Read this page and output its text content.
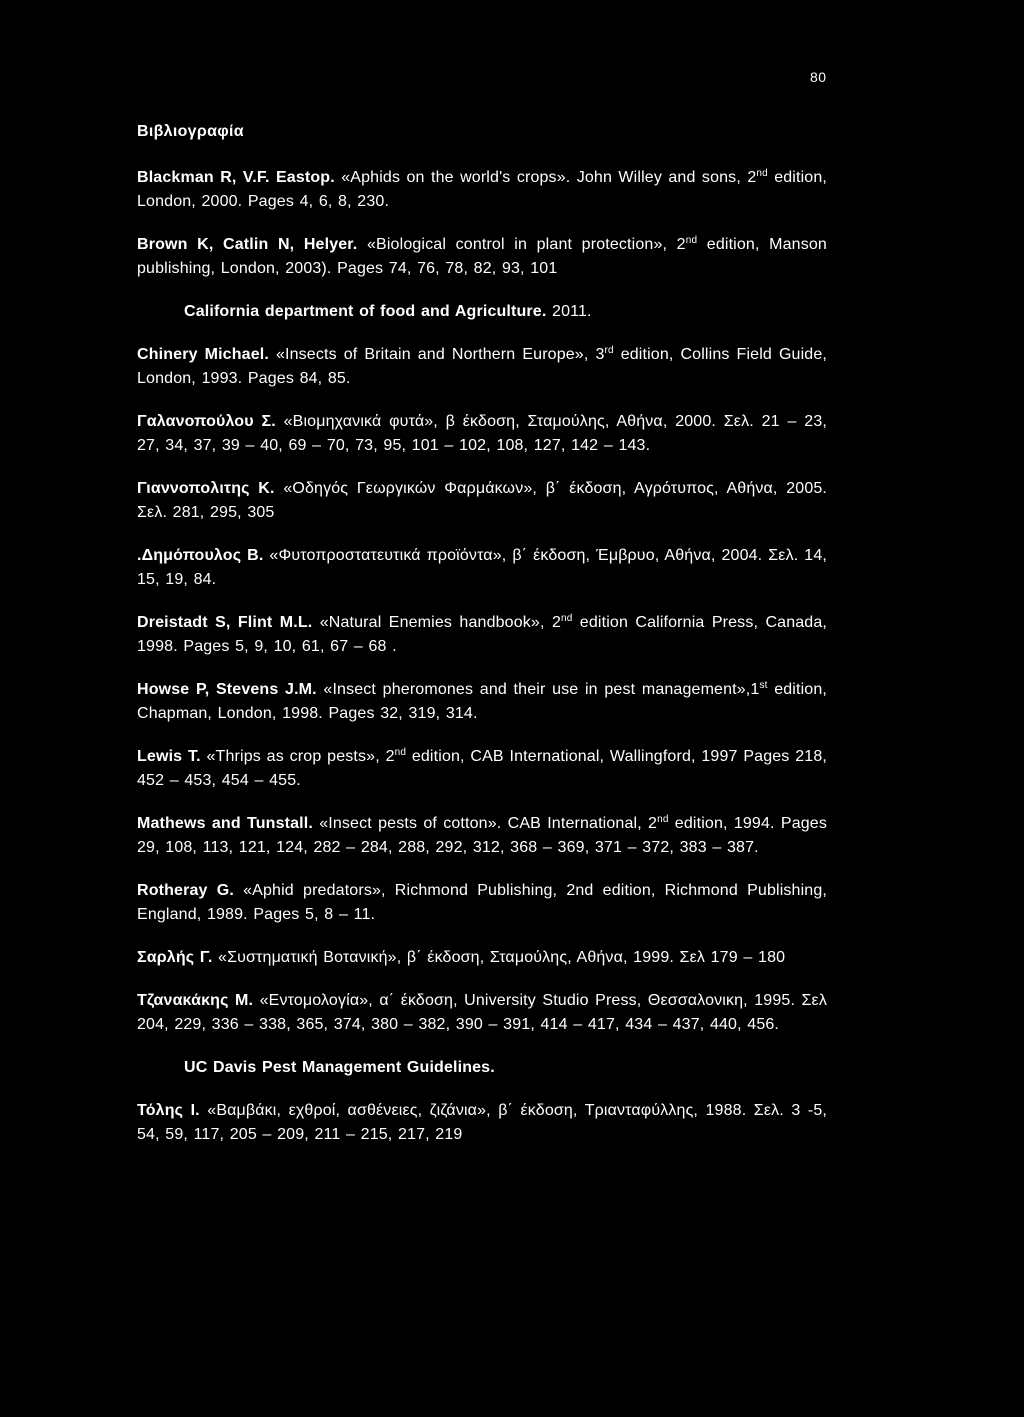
80
Βιβλιογραφία

Blackman R, V.F. Eastop. «Aphids on the world's crops». John Willey and sons, 2nd edition, London, 2000. Pages 4, 6, 8, 230.

Brown K, Catlin N, Helyer. «Biological control in plant protection», 2nd edition, Manson publishing, London, 2003). Pages 74, 76, 78, 82, 93, 101

California department of food and Agriculture. 2011.

Chinery Michael. «Insects of Britain and Northern Europe», 3rd edition, Collins Field Guide, London, 1993. Pages 84, 85.

Γαλανοπούλου Σ. «Βιομηχανικά φυτά», β έκδοση, Σταμούλης, Αθήνα, 2000. Σελ. 21 – 23, 27, 34, 37, 39 – 40, 69 – 70, 73, 95, 101 – 102, 108, 127, 142 – 143.

Γιαννοπολιτης Κ. «Οδηγός Γεωργικών Φαρμάκων», β΄ έκδοση, Αγρότυπος, Αθήνα, 2005. Σελ. 281, 295, 305

.Δημόπουλος Β. «Φυτοπροστατευτικά προϊόντα», β΄ έκδοση, Έμβρυο, Αθήνα, 2004. Σελ. 14, 15, 19, 84.

Dreistadt S, Flint M.L. «Natural Enemies handbook», 2nd edition California Press, Canada, 1998. Pages 5, 9, 10, 61, 67 – 68 .

Howse P, Stevens J.M. «Insect pheromones and their use in pest management»,1st edition, Chapman, London, 1998. Pages 32, 319, 314.

Lewis T. «Thrips as crop pests», 2nd edition, CAB International, Wallingford, 1997 Pages 218, 452 – 453, 454 – 455.

Mathews and Tunstall. «Insect pests of cotton». CAB International, 2nd edition, 1994. Pages 29, 108, 113, 121, 124, 282 – 284, 288, 292, 312, 368 – 369, 371 – 372, 383 – 387.

Rotheray G. «Aphid predators», Richmond Publishing, 2nd edition, Richmond Publishing, England, 1989. Pages 5, 8 – 11.

Σαρλής Γ. «Συστηματική Βοτανική», β΄ έκδοση, Σταμούλης, Αθήνα, 1999. Σελ 179 – 180

Τζανακάκης Μ. «Εντομολογία», α΄ έκδοση, University Studio Press, Θεσσαλονικη, 1995. Σελ 204, 229, 336 – 338, 365, 374, 380 – 382, 390 – 391, 414 – 417, 434 – 437, 440, 456.

UC Davis Pest Management Guidelines.

Τόλης Ι. «Βαμβάκι, εχθροί, ασθένειες, ζιζάνια», β΄ έκδοση, Τριανταφύλλης, 1988. Σελ. 3 -5, 54, 59, 117, 205 – 209, 211 – 215, 217, 219
